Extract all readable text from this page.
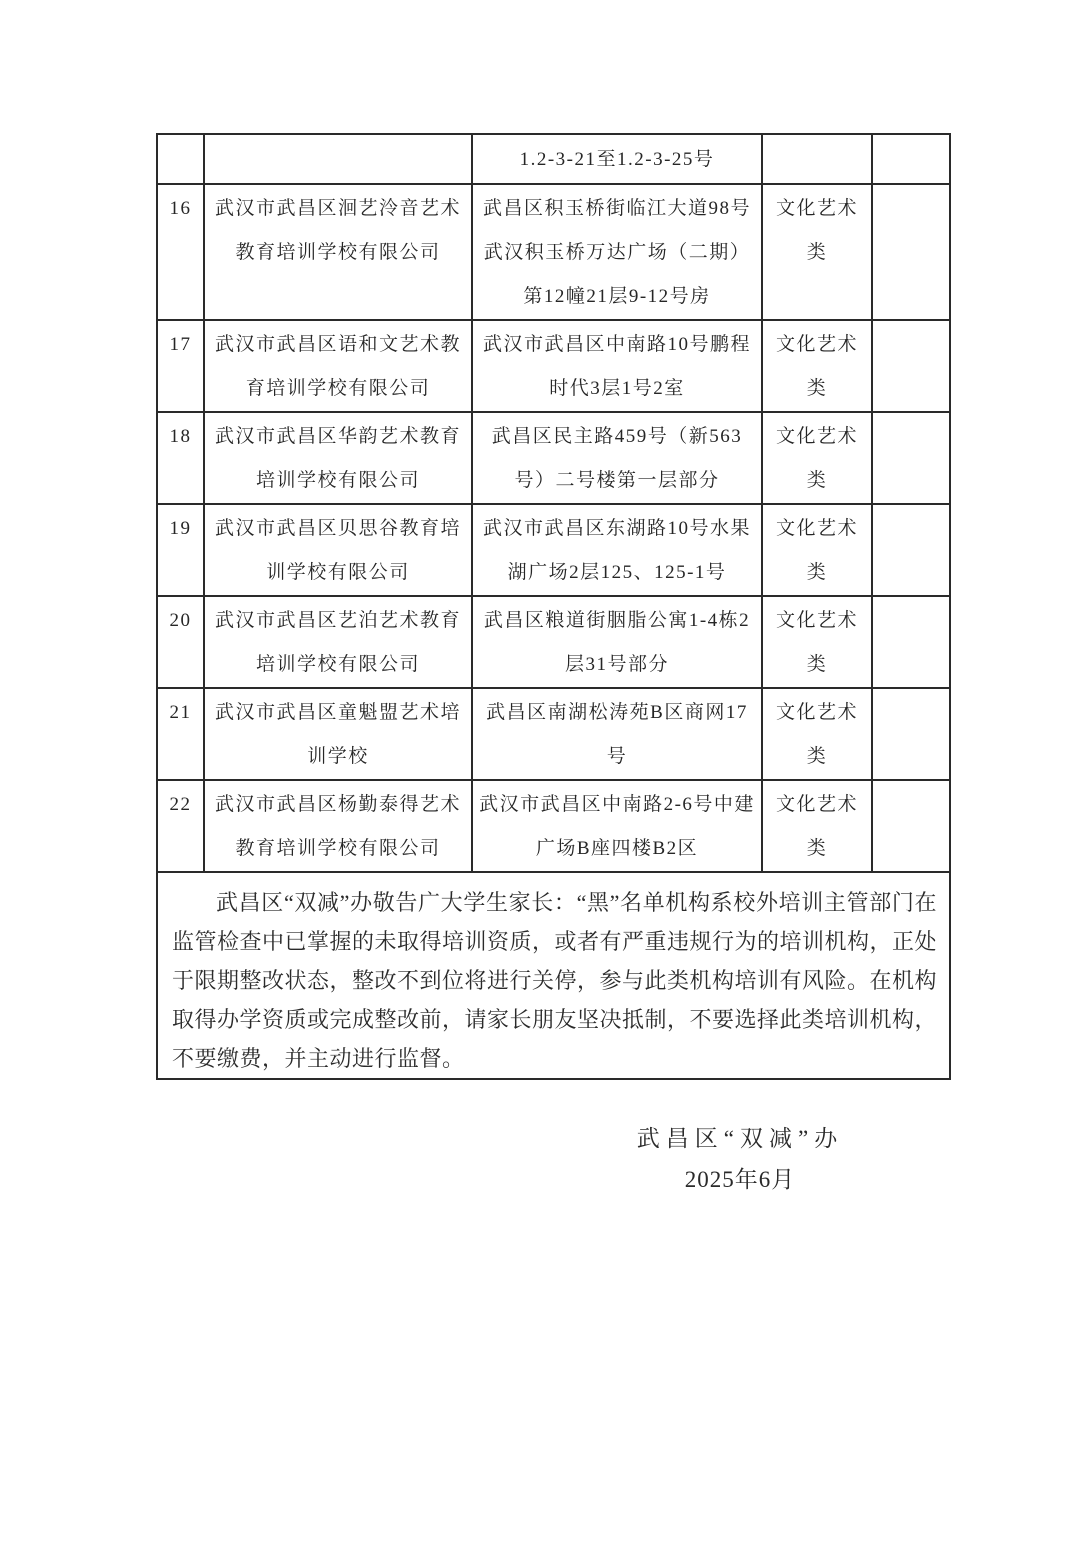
		1.2-3-21至1.2-3-25号		
16	武汉市武昌区洄艺泠音艺术教育培训学校有限公司	武昌区积玉桥街临江大道98号武汉积玉桥万达广场（二期）第12幢21层9-12号房	文化艺术类	
17	武汉市武昌区语和文艺术教育培训学校有限公司	武汉市武昌区中南路10号鹏程时代3层1号2室	文化艺术类	
18	武汉市武昌区华韵艺术教育培训学校有限公司	武昌区民主路459号（新563号）二号楼第一层部分	文化艺术类	
19	武汉市武昌区贝思谷教育培训学校有限公司	武汉市武昌区东湖路10号水果湖广场2层125、125-1号	文化艺术类	
20	武汉市武昌区艺泊艺术教育培训学校有限公司	武昌区粮道街胭脂公寓1-4栋2层31号部分	文化艺术类	
21	武汉市武昌区童魁盟艺术培训学校	武昌区南湖松涛苑B区商网17号	文化艺术类	
22	武汉市武昌区杨勤泰得艺术教育培训学校有限公司	武汉市武昌区中南路2-6号中建广场B座四楼B2区	文化艺术类	

武昌区“双减”办敬告广大学生家长：“黑”名单机构系校外培训主管部门在监管检查中已掌握的未取得培训资质，或者有严重违规行为的培训机构，正处于限期整改状态，整改不到位将进行关停，参与此类机构培训有风险。在机构取得办学资质或完成整改前，请家长朋友坚决抵制，不要选择此类培训机构，不要缴费，并主动进行监督。				

武昌区“双减”办
2025年6月
